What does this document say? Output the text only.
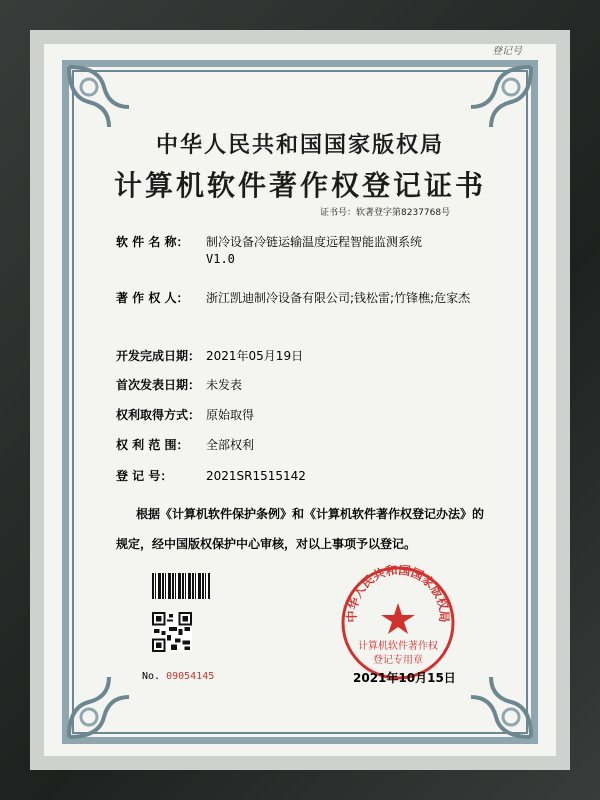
登记号
中华人民共和国国家版权局
计算机软件著作权登记证书
证书号：软著登字第8237768号
软 件 名 称： 制冷设备冷链运输温度远程智能监测系统
V1.0
著 作 权 人： 浙江凯迪制冷设备有限公司;钱松雷;竹锋樵;危家杰
开发完成日期： 2021年05月19日
首次发表日期： 未发表
权利取得方式： 原始取得
权 利 范 围： 全部权利
登 记 号：	2021SR1515142
根据《计算机软件保护条例》和《计算机软件著作权登记办法》的
规定，经中国版权保护中心审核，对以上事项予以登记。
中华人民共和国国家版权局
计算机软件著作权
登记专用章
No. 09054145	2021年10月15日
